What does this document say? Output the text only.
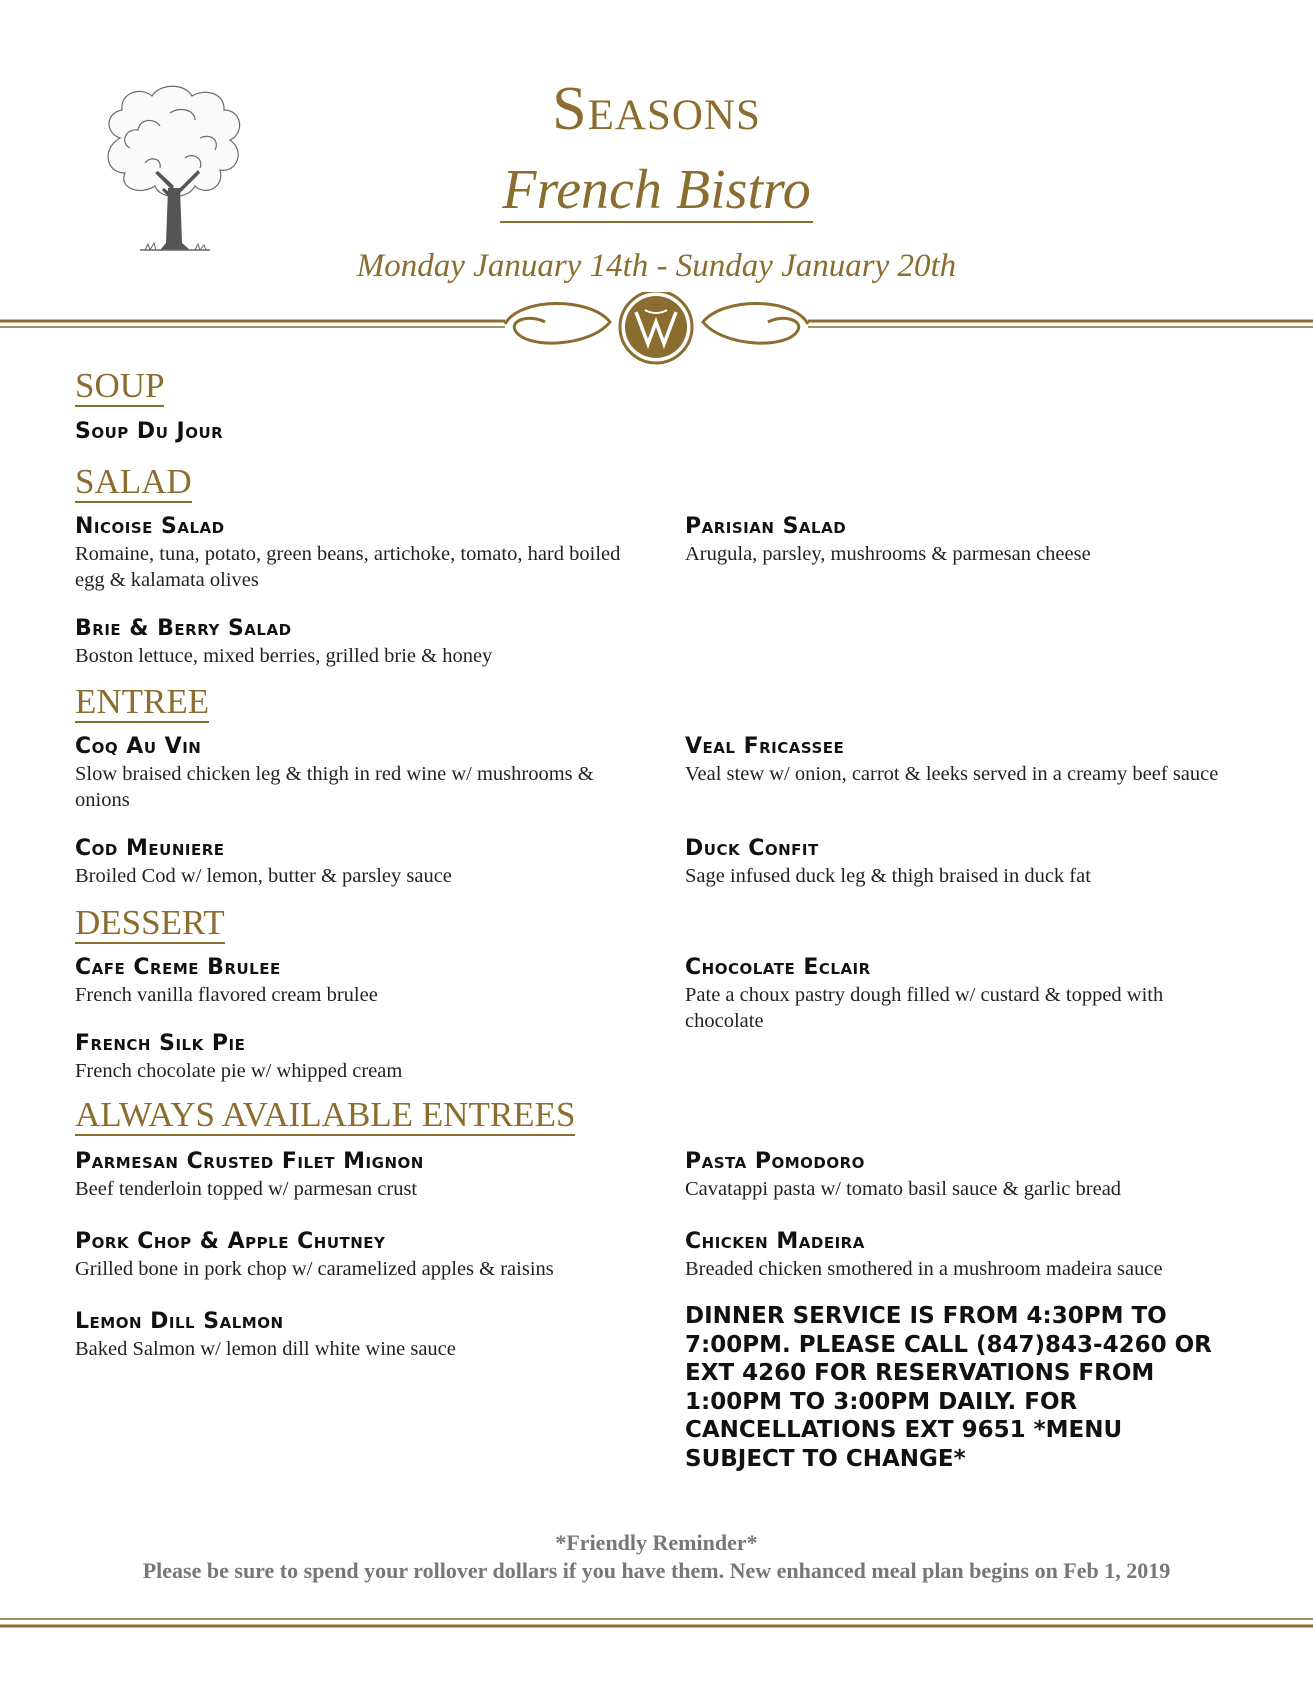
Seasons
French Bistro
Monday January 14th - Sunday January 20th
SOUP
Soup Du Jour
SALAD
Nicoise Salad
Romaine, tuna, potato, green beans, artichoke, tomato, hard boiled egg & kalamata olives
Parisian Salad
Arugula, parsley, mushrooms & parmesan cheese
Brie & Berry Salad
Boston lettuce, mixed berries, grilled brie & honey
ENTREE
Coq Au Vin
Slow braised chicken leg & thigh in red wine w/ mushrooms & onions
Veal Fricassee
Veal stew w/ onion, carrot & leeks served in a creamy beef sauce
Cod Meuniere
Broiled Cod w/ lemon, butter & parsley sauce
Duck Confit
Sage infused duck leg & thigh braised in duck fat
DESSERT
Cafe Creme Brulee
French vanilla flavored cream brulee
Chocolate Eclair
Pate a choux pastry dough filled w/ custard & topped with chocolate
French Silk Pie
French chocolate pie w/ whipped cream
ALWAYS AVAILABLE ENTREES
Parmesan Crusted Filet Mignon
Beef tenderloin topped w/ parmesan crust
Pasta Pomodoro
Cavatappi pasta w/ tomato basil sauce & garlic bread
Pork Chop & Apple Chutney
Grilled bone in pork chop w/ caramelized apples & raisins
Chicken Madeira
Breaded chicken smothered in a mushroom madeira sauce
Lemon Dill Salmon
Baked Salmon w/ lemon dill white wine sauce
DINNER SERVICE IS FROM 4:30PM TO 7:00PM. PLEASE CALL (847)843-4260 OR EXT 4260 FOR RESERVATIONS FROM 1:00PM TO 3:00PM DAILY. FOR CANCELLATIONS EXT 9651 *MENU SUBJECT TO CHANGE*
*Friendly Reminder*
Please be sure to spend your rollover dollars if you have them. New enhanced meal plan begins on Feb 1, 2019
